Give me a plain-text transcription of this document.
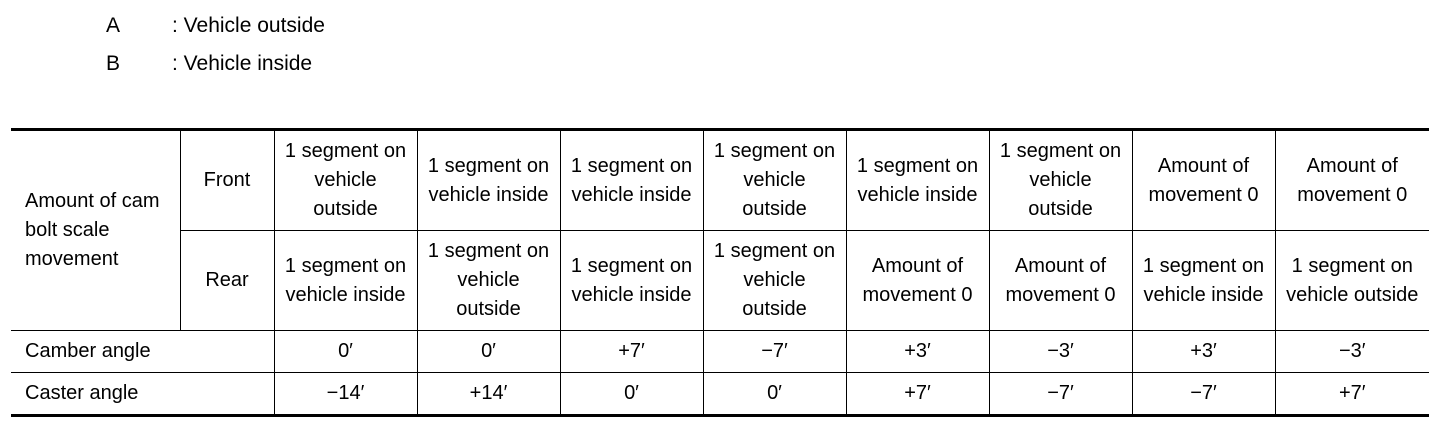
A : Vehicle outside
B : Vehicle inside
Amount of cam bolt scale movement	Front	1 segment on vehicle outside	1 segment on vehicle inside	1 segment on vehicle inside	1 segment on vehicle outside	1 segment on vehicle inside	1 segment on vehicle outside	Amount of movement 0	Amount of movement 0
	Rear	1 segment on vehicle inside	1 segment on vehicle outside	1 segment on vehicle inside	1 segment on vehicle outside	Amount of movement 0	Amount of movement 0	1 segment on vehicle inside	1 segment on vehicle outside
Camber angle		0′	0′	+7′	−7′	+3′	−3′	+3′	−3′
Caster angle		−14′	+14′	0′	0′	+7′	−7′	−7′	+7′
